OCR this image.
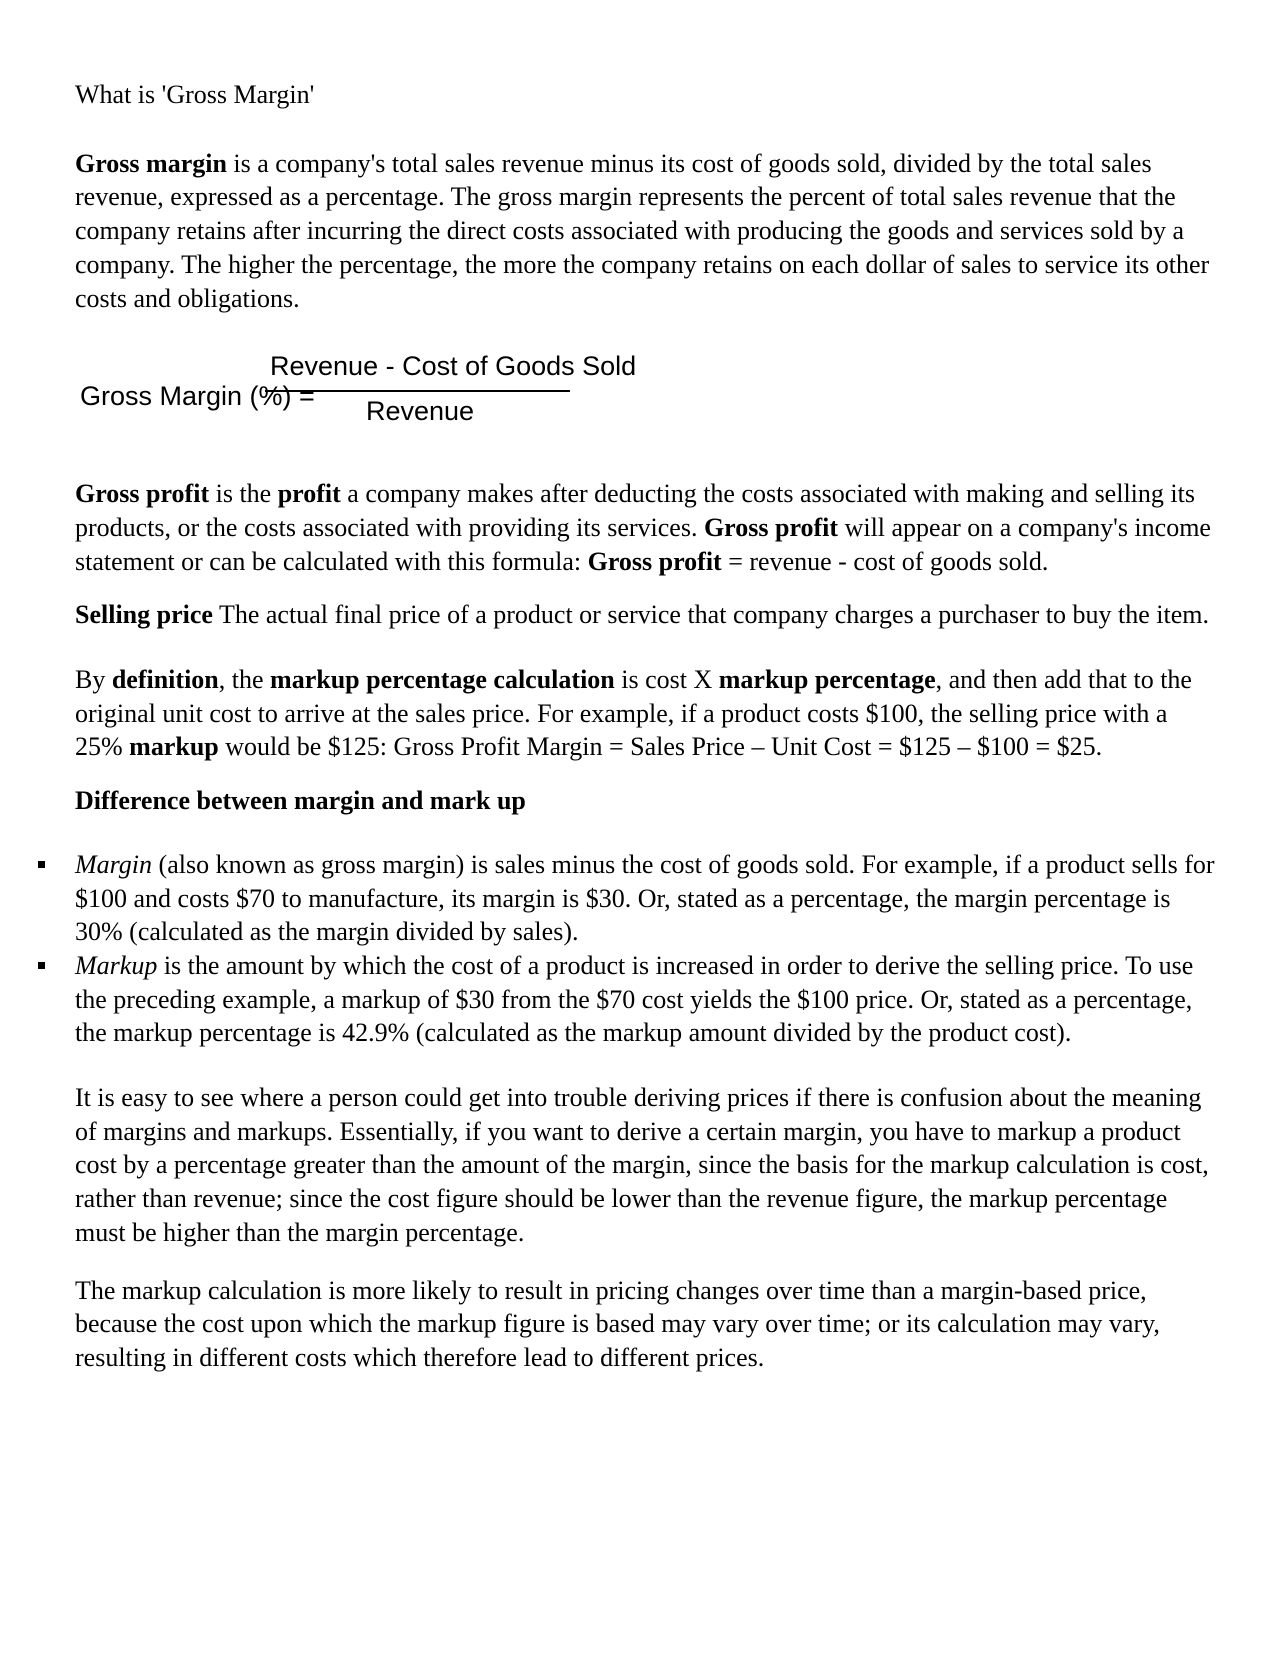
What is 'Gross Margin'

Gross margin is a company's total sales revenue minus its cost of goods sold, divided by the total sales revenue, expressed as a percentage. The gross margin represents the percent of total sales revenue that the company retains after incurring the direct costs associated with producing the goods and services sold by a company. The higher the percentage, the more the company retains on each dollar of sales to service its other costs and obligations.

Gross Margin (%) =
Revenue - Cost of Goods Sold
Revenue

Gross profit is the profit a company makes after deducting the costs associated with making and selling its products, or the costs associated with providing its services. Gross profit will appear on a company's income statement or can be calculated with this formula: Gross profit = revenue - cost of goods sold.

Selling price The actual final price of a product or service that company charges a purchaser to buy the item.

By definition, the markup percentage calculation is cost X markup percentage, and then add that to the original unit cost to arrive at the sales price. For example, if a product costs $100, the selling price with a 25% markup would be $125: Gross Profit Margin = Sales Price – Unit Cost = $125 – $100 = $25.

Difference between margin and mark up

Margin (also known as gross margin) is sales minus the cost of goods sold. For example, if a product sells for $100 and costs $70 to manufacture, its margin is $30. Or, stated as a percentage, the margin percentage is 30% (calculated as the margin divided by sales).
Markup is the amount by which the cost of a product is increased in order to derive the selling price. To use the preceding example, a markup of $30 from the $70 cost yields the $100 price. Or, stated as a percentage, the markup percentage is 42.9% (calculated as the markup amount divided by the product cost).

It is easy to see where a person could get into trouble deriving prices if there is confusion about the meaning of margins and markups. Essentially, if you want to derive a certain margin, you have to markup a product cost by a percentage greater than the amount of the margin, since the basis for the markup calculation is cost, rather than revenue; since the cost figure should be lower than the revenue figure, the markup percentage must be higher than the margin percentage.

The markup calculation is more likely to result in pricing changes over time than a margin-based price, because the cost upon which the markup figure is based may vary over time; or its calculation may vary, resulting in different costs which therefore lead to different prices.
